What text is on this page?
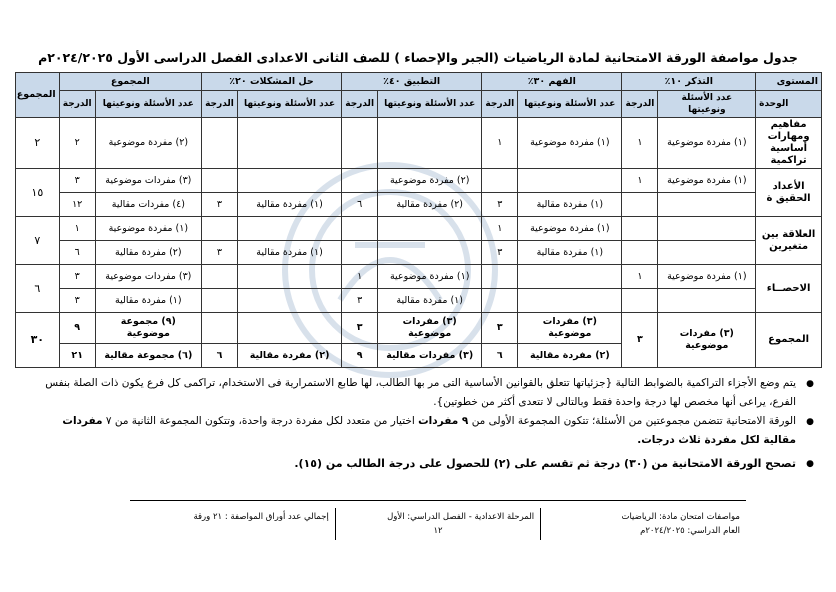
جدول مواصفة الورقة الامتحانية لمادة الرياضيات (الجبر والإحصاء ) للصف الثانى الاعدادى الفصل الدراسى الأول ٢٠٢٤/٢٠٢٥م
المستوى	التذكر ١٠٪		الفهم ٣٠٪		التطبيق ٤٠٪		حل المشكلات ٢٠٪		المجموع		المجموع
الوحدة	عدد الأسئلة ونوعيتها	الدرجة	عدد الأسئلة ونوعيتها	الدرجة	عدد الأسئلة ونوعيتها	الدرجة	عدد الأسئلة ونوعيتها	الدرجة	عدد الأسئلة ونوعيتها	الدرجة	
مفاهيم ومهارات أساسية تراكمية	(١) مفردة موضوعية	١	(١) مفردة موضوعية	١					(٢) مفردة موضوعية	٢	٢
الأعداد الحقيق ة	(١) مفردة موضوعية	١			(٢) مفردة موضوعية				(٣) مفردات موضوعية	٣	١٥
			(١) مفردة مقالية	٣	(٢) مفردة مقالية	٦	(١) مفردة مقالية	٣	(٤) مفردات مقالية	١٢	
العلاقة بين متغيرين			(١) مفردة موضوعية	١					(١) مفردة موضوعية	١	٧
			(١) مفردة مقالية	٣			(١) مفردة مقالية	٣	(٢) مفردة مقالية	٦	
الاحصــاء	(١) مفردة موضوعية	١			(١) مفردة موضوعية	١			(٣) مفردات موضوعية	٣	٦
					(١) مفردة مقالية	٣			(١) مفردة مقالية	٣	
المجموع	(٣) مفردات موضوعية	٣	(٣) مفردات موضوعية	٣	(٣) مفردات موضوعية	٣			(٩) مجموعة موضوعية	٩	٣٠
			(٢) مفردة مقالية	٦	(٣) مفردات مقالية	٩	(٢) مفردة مقالية	٦	(٦) مجموعة مقالية	٢١	
●
يتم وضع الأجزاء التراكمية بالضوابط التالية {جزئياتها تتعلق بالقوانين الأساسية التى مر بها الطالب، لها طابع الاستمرارية فى الاستخدام، تراكمى كل فرع يكون ذات الصلة بنفس الفرع، يراعى أنها مخصص لها درجة واحدة فقط وبالتالى لا تتعدى أكثر من خطوتين}.
●
الورقة الامتحانية تتضمن مجموعتين من الأسئلة؛ تتكون المجموعة الأولى من ٩ مفردات اختيار من متعدد لكل مفردة درجة واحدة، وتتكون المجموعة الثانية من ٧ مفردات مقالية لكل مفردة ثلاث درجات.
●
تصحح الورقة الامتحانية من (٣٠) درجة ثم تقسم على (٢) للحصول على درجة الطالب من (١٥).
مواصفات امتحان مادة: الرياضيات
العام الدراسي: ٢٠٢٤/٢٠٢٥م

المرحلة الاعدادية - الفصل الدراسي: الأول
١٢
	إجمالي عدد أوراق المواصفة : ٢١ ورقة
